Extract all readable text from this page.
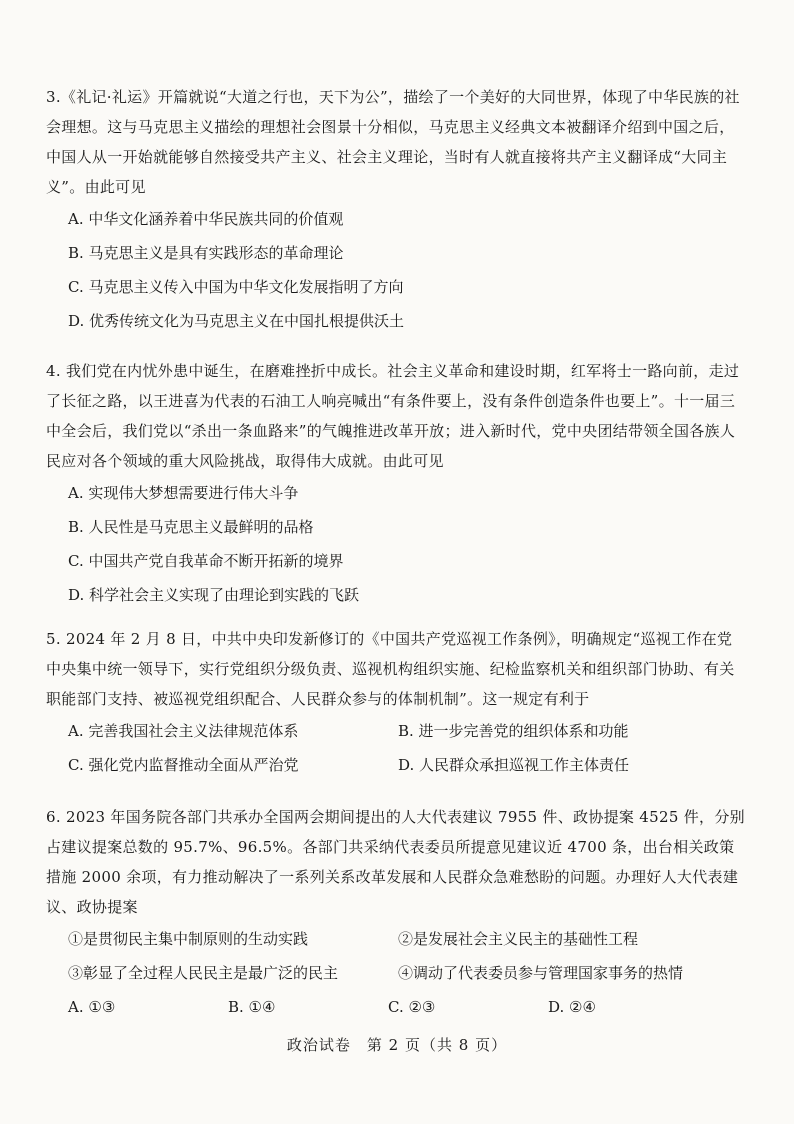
3.《礼记·礼运》开篇就说“大道之行也，天下为公”，描绘了一个美好的大同世界，体现了中华民族的社会理想。这与马克思主义描绘的理想社会图景十分相似，马克思主义经典文本被翻译介绍到中国之后，中国人从一开始就能够自然接受共产主义、社会主义理论，当时有人就直接将共产主义翻译成“大同主义”。由此可见

A. 中华文化涵养着中华民族共同的价值观

B. 马克思主义是具有实践形态的革命理论

C. 马克思主义传入中国为中华文化发展指明了方向

D. 优秀传统文化为马克思主义在中国扎根提供沃土

4. 我们党在内忧外患中诞生，在磨难挫折中成长。社会主义革命和建设时期，红军将士一路向前，走过了长征之路，以王进喜为代表的石油工人响亮喊出“有条件要上，没有条件创造条件也要上”。十一届三中全会后，我们党以“杀出一条血路来”的气魄推进改革开放；进入新时代，党中央团结带领全国各族人民应对各个领域的重大风险挑战，取得伟大成就。由此可见

A. 实现伟大梦想需要进行伟大斗争

B. 人民性是马克思主义最鲜明的品格

C. 中国共产党自我革命不断开拓新的境界

D. 科学社会主义实现了由理论到实践的飞跃

5. 2024 年 2 月 8 日，中共中央印发新修订的《中国共产党巡视工作条例》，明确规定“巡视工作在党中央集中统一领导下，实行党组织分级负责、巡视机构组织实施、纪检监察机关和组织部门协助、有关职能部门支持、被巡视党组织配合、人民群众参与的体制机制”。这一规定有利于

A. 完善我国社会主义法律规范体系	B. 进一步完善党的组织体系和功能
C. 强化党内监督推动全面从严治党	D. 人民群众承担巡视工作主体责任

6. 2023 年国务院各部门共承办全国两会期间提出的人大代表建议 7955 件、政协提案 4525 件，分别占建议提案总数的 95.7%、96.5%。各部门共采纳代表委员所提意见建议近 4700 条，出台相关政策措施 2000 余项，有力推动解决了一系列关系改革发展和人民群众急难愁盼的问题。办理好人大代表建议、政协提案

①是贯彻民主集中制原则的生动实践	②是发展社会主义民主的基础性工程
③彰显了全过程人民民主是最广泛的民主	④调动了代表委员参与管理国家事务的热情
A. ①③	B. ①④	C. ②③	D. ②④
政治试卷　第 2 页（共 8 页）
